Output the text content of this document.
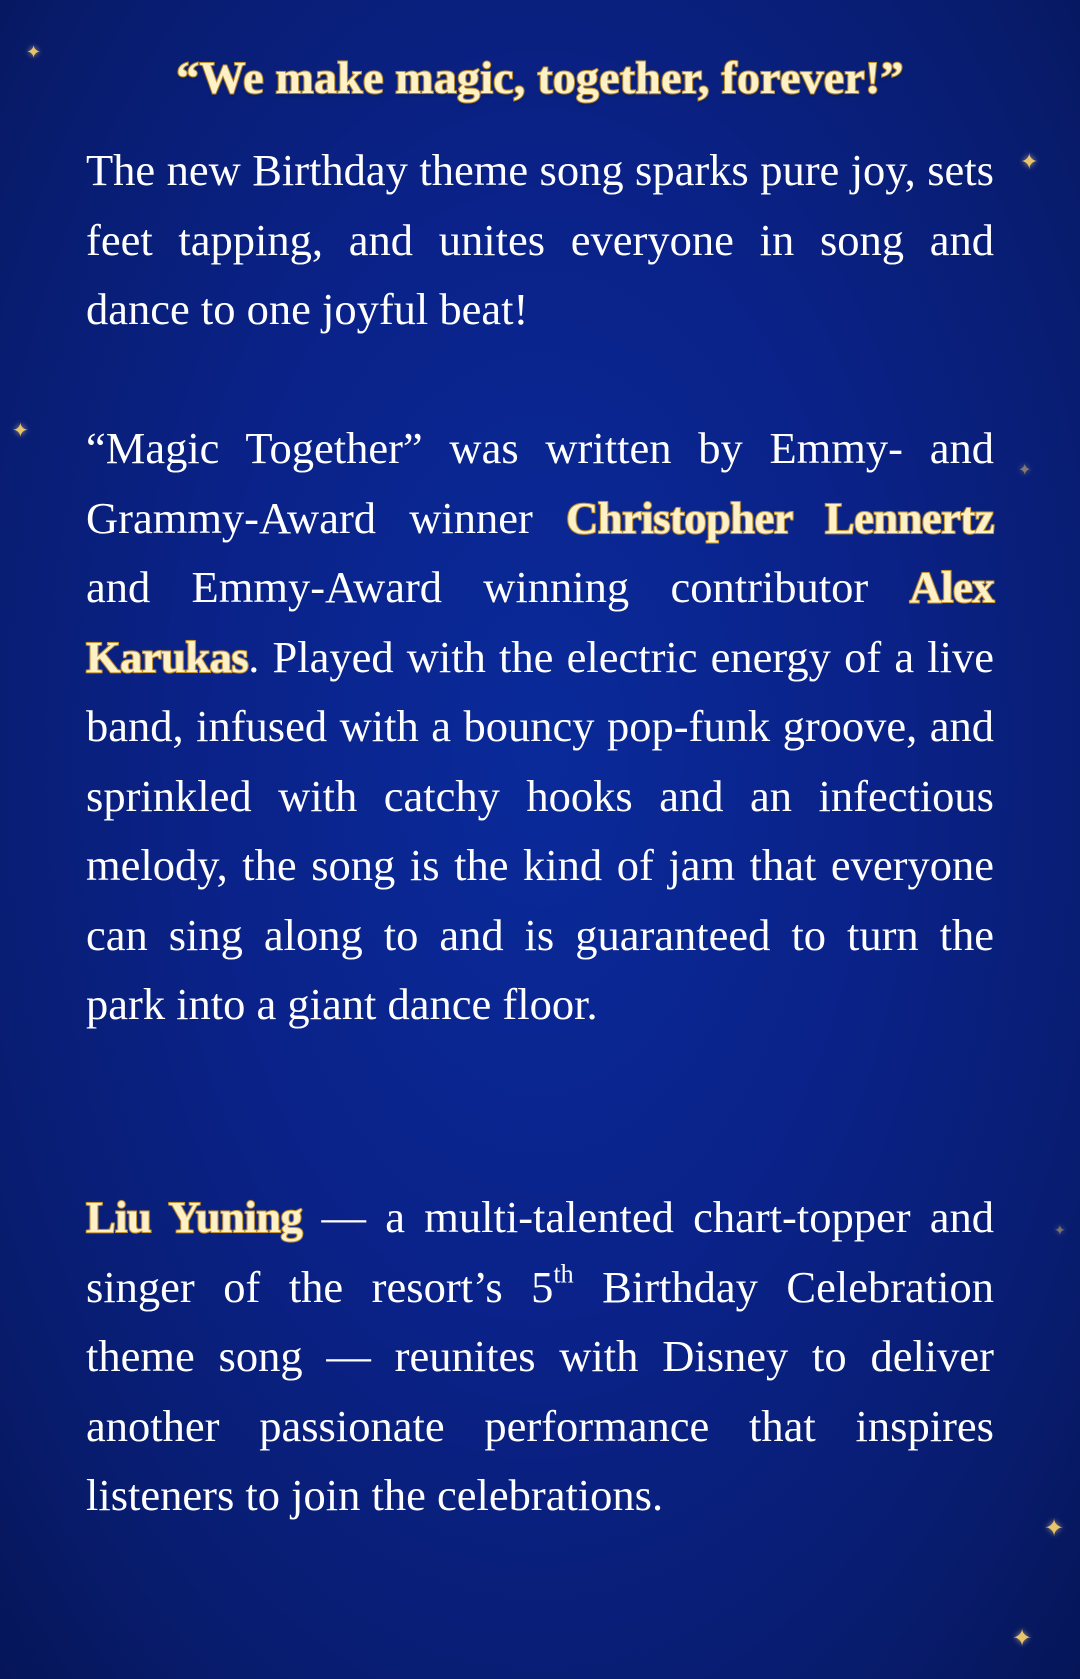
“We make magic, together, forever!”

The new Birthday theme song sparks pure joy, sets feet tapping, and unites everyone in song and dance to one joyful beat!

“Magic Together” was written by Emmy- and Grammy-Award winner Christopher Lennertz and Emmy-Award winning contributor Alex Karukas. Played with the electric energy of a live band, infused with a bouncy pop-funk groove, and sprinkled with catchy hooks and an infectious melody, the song is the kind of jam that everyone can sing along to and is guaranteed to turn the park into a giant dance floor.

Liu Yuning — a multi-talented chart-topper and singer of the resort’s 5th Birthday Celebration theme song — reunites with Disney to deliver another passionate performance that inspires listeners to join the celebrations.

✦
✦
✦
✦
✦
✦
✦
